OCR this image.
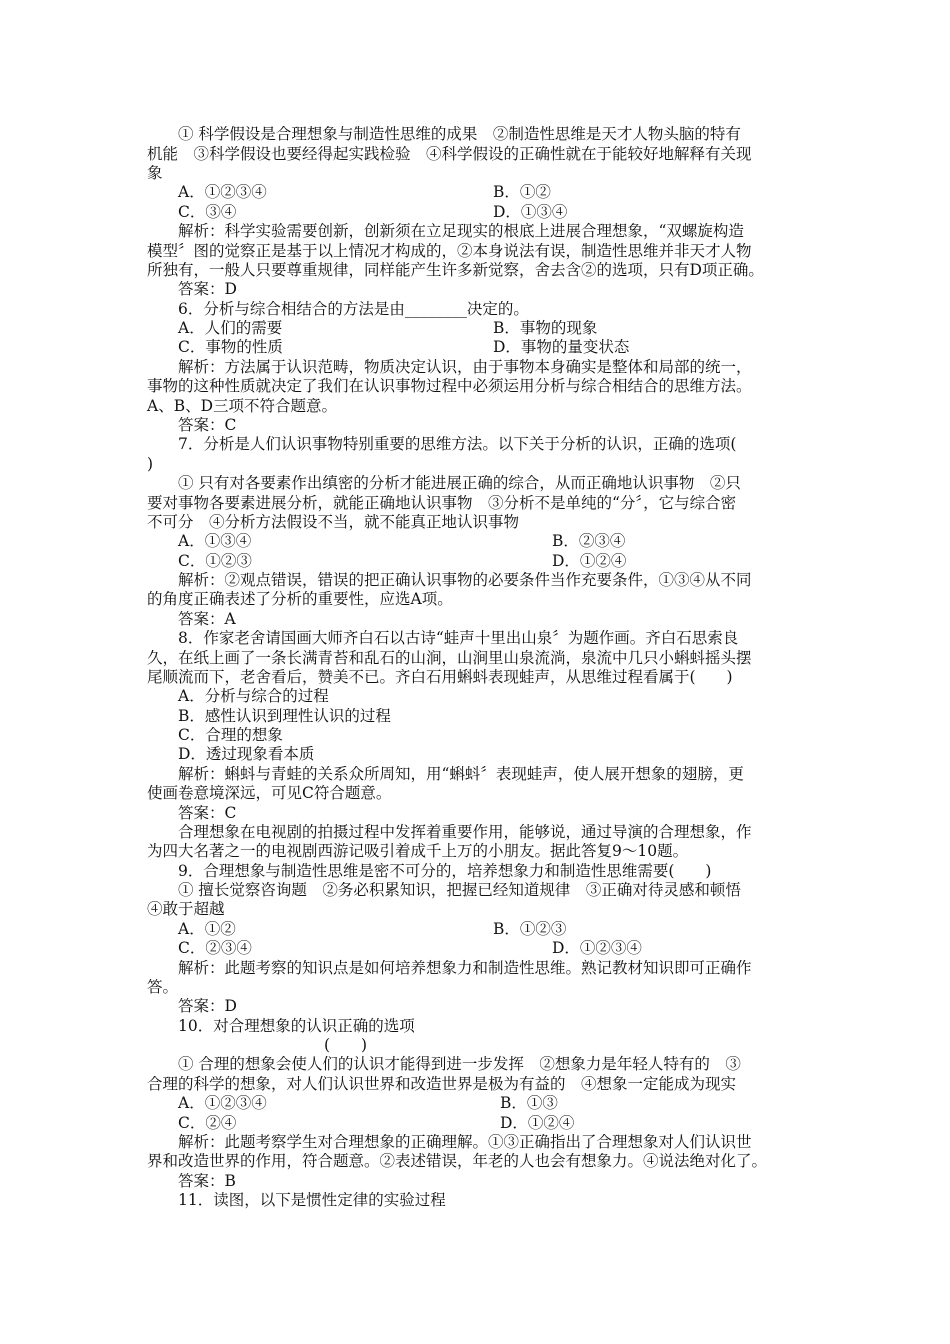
① 科学假设是合理想象与制造性思维的成果　②制造性思维是天才人物头脑的特有
机能　③科学假设也要经得起实践检验　④科学假设的正确性就在于能较好地解释有关现
象
A．①②③④	B．①②
C．③④	D．①③④
解析：科学实验需要创新，创新须在立足现实的根底上进展合理想象，“双螺旋构造
模型〞图的觉察正是基于以上情况才构成的，②本身说法有误，制造性思维并非天才人物
所独有，一般人只要尊重规律，同样能产生许多新觉察，舍去含②的选项，只有D项正确。
答案：D
6．分析与综合相结合的方法是由________决定的。
A．人们的需要	B．事物的现象
C．事物的性质	D．事物的量变状态
解析：方法属于认识范畴，物质决定认识，由于事物本身确实是整体和局部的统一，
事物的这种性质就决定了我们在认识事物过程中必须运用分析与综合相结合的思维方法。
A、B、D三项不符合题意。
答案：C
7．分析是人们认识事物特别重要的思维方法。以下关于分析的认识，正确的选项(
)
① 只有对各要素作出缜密的分析才能进展正确的综合，从而正确地认识事物　②只
要对事物各要素进展分析，就能正确地认识事物　③分析不是单纯的“分〞，它与综合密
不可分　④分析方法假设不当，就不能真正地认识事物
A．①③④	B．②③④
C．①②③	D．①②④
解析：②观点错误，错误的把正确认识事物的必要条件当作充要条件，①③④从不同
的角度正确表述了分析的重要性，应选A项。
答案：A
8．作家老舍请国画大师齐白石以古诗“蛙声十里出山泉〞为题作画。齐白石思索良
久，在纸上画了一条长满青苔和乱石的山涧，山涧里山泉流淌，泉流中几只小蝌蚪摇头摆
尾顺流而下，老舍看后，赞美不已。齐白石用蝌蚪表现蛙声，从思维过程看属于(　　)
A．分析与综合的过程
B．感性认识到理性认识的过程
C．合理的想象
D．透过现象看本质
解析：蝌蚪与青蛙的关系众所周知，用“蝌蚪〞表现蛙声，使人展开想象的翅膀，更
使画卷意境深远，可见C符合题意。
答案：C
合理想象在电视剧的拍摄过程中发挥着重要作用，能够说，通过导演的合理想象，作
为四大名著之一的电视剧西游记吸引着成千上万的小朋友。据此答复9～10题。
9．合理想象与制造性思维是密不可分的，培养想象力和制造性思维需要(　　)
① 擅长觉察咨询题　②务必积累知识，把握已经知道规律　③正确对待灵感和顿悟
④敢于超越
A．①②	B．①②③
C．②③④	D．①②③④
解析：此题考察的知识点是如何培养想象力和制造性思维。熟记教材知识即可正确作
答。
答案：D
10．对合理想象的认识正确的选项
(　　)
① 合理的想象会使人们的认识才能得到进一步发挥　②想象力是年轻人特有的　③
合理的科学的想象，对人们认识世界和改造世界是极为有益的　④想象一定能成为现实
A．①②③④	B．①③
C．②④	D．①②④
解析：此题考察学生对合理想象的正确理解。①③正确指出了合理想象对人们认识世
界和改造世界的作用，符合题意。②表述错误，年老的人也会有想象力。④说法绝对化了。
答案：B
11．读图，以下是惯性定律的实验过程
